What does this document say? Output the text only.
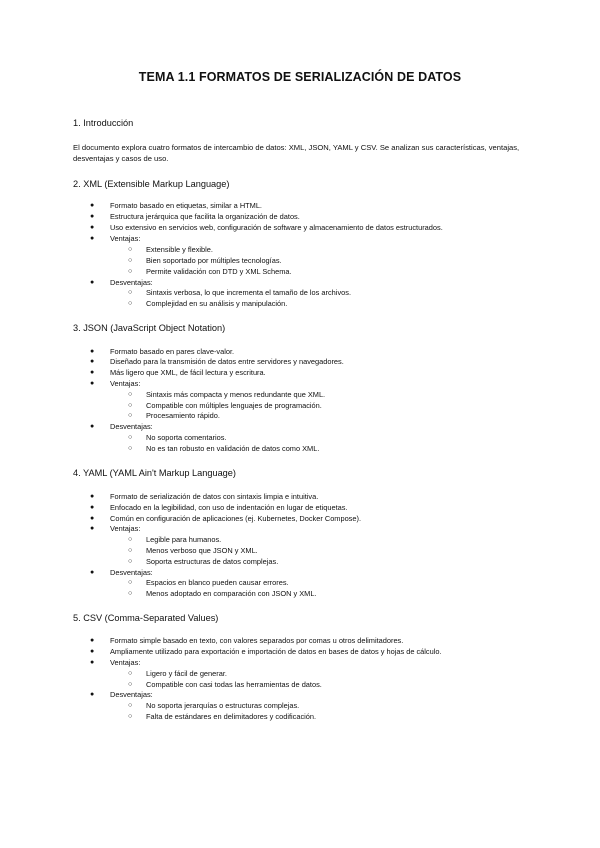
TEMA 1.1 FORMATOS DE SERIALIZACIÓN DE DATOS
1. Introducción
El documento explora cuatro formatos de intercambio de datos: XML, JSON, YAML y CSV. Se analizan sus características, ventajas, desventajas y casos de uso.
2. XML (Extensible Markup Language)
● Formato basado en etiquetas, similar a HTML.
● Estructura jerárquica que facilita la organización de datos.
● Uso extensivo en servicios web, configuración de software y almacenamiento de datos estructurados.
● Ventajas:
○ Extensible y flexible.
○ Bien soportado por múltiples tecnologías.
○ Permite validación con DTD y XML Schema.
● Desventajas:
○ Sintaxis verbosa, lo que incrementa el tamaño de los archivos.
○ Complejidad en su análisis y manipulación.
3. JSON (JavaScript Object Notation)
● Formato basado en pares clave-valor.
● Diseñado para la transmisión de datos entre servidores y navegadores.
● Más ligero que XML, de fácil lectura y escritura.
● Ventajas:
○ Sintaxis más compacta y menos redundante que XML.
○ Compatible con múltiples lenguajes de programación.
○ Procesamiento rápido.
● Desventajas:
○ No soporta comentarios.
○ No es tan robusto en validación de datos como XML.
4. YAML (YAML Ain't Markup Language)
● Formato de serialización de datos con sintaxis limpia e intuitiva.
● Enfocado en la legibilidad, con uso de indentación en lugar de etiquetas.
● Común en configuración de aplicaciones (ej. Kubernetes, Docker Compose).
● Ventajas:
○ Legible para humanos.
○ Menos verboso que JSON y XML.
○ Soporta estructuras de datos complejas.
● Desventajas:
○ Espacios en blanco pueden causar errores.
○ Menos adoptado en comparación con JSON y XML.
5. CSV (Comma-Separated Values)
● Formato simple basado en texto, con valores separados por comas u otros delimitadores.
● Ampliamente utilizado para exportación e importación de datos en bases de datos y hojas de cálculo.
● Ventajas:
○ Ligero y fácil de generar.
○ Compatible con casi todas las herramientas de datos.
● Desventajas:
○ No soporta jerarquías o estructuras complejas.
○ Falta de estándares en delimitadores y codificación.
